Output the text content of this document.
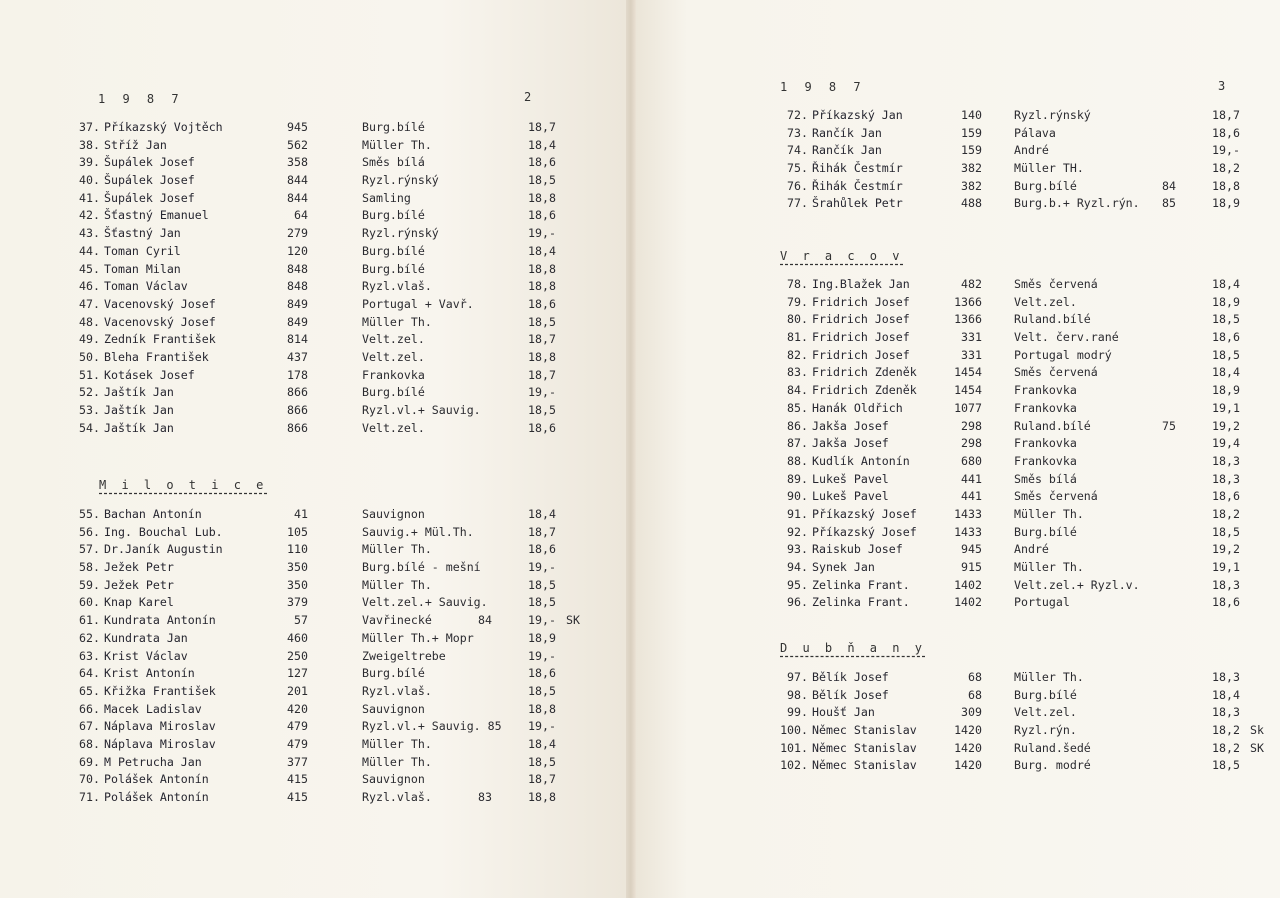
1 9 8 7	2
37. Příkazský Vojtěch	945	Burg.bílé	18,7
38. Stříž Jan	562	Müller Th.	18,4
39. Šupálek Josef	358	Směs bílá	18,6
40. Šupálek Josef	844	Ryzl.rýnský	18,5
41. Šupálek Josef	844	Samling	18,8
42. Šťastný Emanuel	64	Burg.bílé	18,6
43. Šťastný Jan	279	Ryzl.rýnský	19,-
44. Toman Cyril	120	Burg.bílé	18,4
45. Toman Milan	848	Burg.bílé	18,8
46. Toman Václav	848	Ryzl.vlaš.	18,8
47. Vacenovský Josef	849	Portugal + Vavř.	18,6
48. Vacenovský Josef	849	Müller Th.	18,5
49. Zedník František	814	Velt.zel.	18,7
50. Bleha František	437	Velt.zel.	18,8
51. Kotásek Josef	178	Frankovka	18,7
52. Jaštík Jan	866	Burg.bílé	19,-
53. Jaštík Jan	866	Ryzl.vl.+ Sauvig.	18,5
54. Jaštík Jan	866	Velt.zel.	18,6
M i l o t i c e
55. Bachan Antonín	41	Sauvignon	18,4
56. Ing. Bouchal Lub.	105	Sauvig.+ Mül.Th.	18,7
57. Dr.Janík Augustin	110	Müller Th.	18,6
58. Ježek Petr	350	Burg.bílé - mešní	19,-
59. Ježek Petr	350	Müller Th.	18,5
60. Knap Karel	379	Velt.zel.+ Sauvig.	18,5
61. Kundrata Antonín	57	Vavřinecké	84	19,- SK
62. Kundrata Jan	460	Müller Th.+ Mopr	18,9
63. Krist Václav	250	Zweigeltrebe	19,-
64. Krist Antonín	127	Burg.bílé	18,6
65. Křižka František	201	Ryzl.vlaš.	18,5
66. Macek Ladislav	420	Sauvignon	18,8
67. Náplava Miroslav	479	Ryzl.vl.+ Sauvig. 85 19,-
68. Náplava Miroslav	479	Müller Th.	18,4
69. M Petrucha Jan	377	Müller Th.	18,5
70. Polášek Antonín	415	Sauvignon	18,7
71. Polášek Antonín	415	Ryzl.vlaš.	83	18,8
1 9 8 7	3
72. Příkazský Jan	140	Ryzl.rýnský	18,7
73. Rančík Jan	159	Pálava	18,6
74. Rančík Jan	159	André	19,-
75. Řihák Čestmír	382	Müller TH.	18,2
76. Řihák Čestmír	382	Burg.bílé	84	18,8
77. Šrahůlek Petr	488	Burg.b.+ Ryzl.rýn.	85	18,9
V r a c o v
78. Ing.Blažek Jan	482	Směs červená	18,4
79. Fridrich Josef	1366	Velt.zel.	18,9
80. Fridrich Josef	1366	Ruland.bílé	18,5
81. Fridrich Josef	331	Velt. červ.rané	18,6
82. Fridrich Josef	331	Portugal modrý	18,5
83. Fridrich Zdeněk	1454	Směs červená	18,4
84. Fridrich Zdeněk	1454	Frankovka	18,9
85. Hanák Oldřich	1077	Frankovka	19,1
86. Jakša Josef	298	Ruland.bílé	75	19,2
87. Jakša Josef	298	Frankovka	19,4
88. Kudlík Antonín	680	Frankovka	18,3
89. Lukeš Pavel	441	Směs bílá	18,3
90. Lukeš Pavel	441	Směs červená	18,6
91. Příkazský Josef	1433	Müller Th.	18,2
92. Příkazský Josef	1433	Burg.bílé	18,5
93. Raiskub Josef	945	André	19,2
94. Synek Jan	915	Müller Th.	19,1
95. Zelinka Frant.	1402	Velt.zel.+ Ryzl.v.	18,3
96. Zelinka Frant.	1402	Portugal	18,6
D u b ň a n y
97. Bělík Josef	68	Müller Th.	18,3
98. Bělík Josef	68	Burg.bílé	18,4
99. Houšť Jan	309	Velt.zel.	18,3
100. Němec Stanislav	1420	Ryzl.rýn.	18,2 Sk
101. Němec Stanislav	1420	Ruland.šedé	18,2 SK
102. Němec Stanislav	1420	Burg. modré	18,5
